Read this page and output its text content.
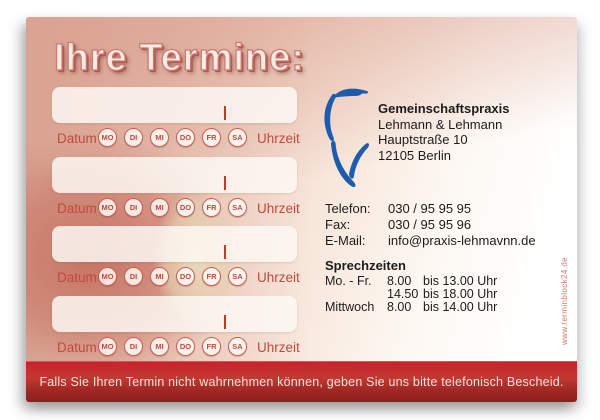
Ihre Termine:
Datum MO	DI	MI	DO	FR	SA	Uhrzeit
Datum MO	DI	MI	DO	FR	SA	Uhrzeit
Datum MO	DI	MI	DO	FR	SA	Uhrzeit
Datum MO	DI	MI	DO	FR	SA	Uhrzeit
Gemeinschaftspraxis
Lehmann & Lehmann
Hauptstraße 10
12105 Berlin
Telefon:	030 / 95 95 95
Fax:	030 / 95 95 96
E-Mail:	info@praxis-lehmavnn.de
Sprechzeiten
Mo. - Fr.	8.00 bis 13.00 Uhr
14.50 bis 18.00 Uhr
Mittwoch	8.00 bis 14.00 Uhr	www.terminblock24.de
Falls Sie Ihren Termin nicht wahrnehmen können, geben Sie uns bitte telefonisch Bescheid.
